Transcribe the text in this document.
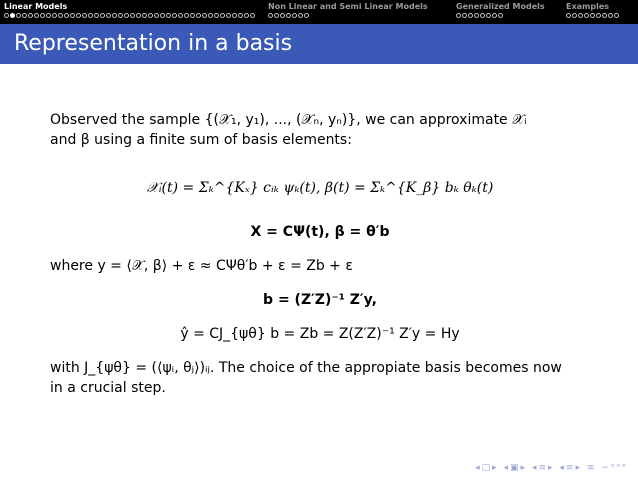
Linear Models	Non Linear and Semi Linear Models	Generalized Models	Examples
Representation in a basis

Observed the sample {(𝒳₁, y₁), ..., (𝒳ₙ, yₙ)}, we can approximate 𝒳ᵢ

and β using a finite sum of basis elements:

𝒳ᵢ(t) = Σₖ^{Kₓ} cᵢₖ ψₖ(t), β(t) = Σₖ^{K_β} bₖ θₖ(t)

X = CΨ(t), β = θ′b

where y = ⟨𝒳, β⟩ + ε ≈ CΨθ′b + ε = Zb + ε

b = (Z′Z)⁻¹ Z′y,

ŷ = CJ_{ψθ} b = Zb = Z(Z′Z)⁻¹ Z′y = Hy

with J_{ψθ} = (⟨ψᵢ, θⱼ⟩)ᵢⱼ. The choice of the appropiate basis becomes now

in a crucial step.

◂□▸ ◂▣▸ ◂≡▸ ◂≡▸ ≡ ∽ᵒᵒᵒ
